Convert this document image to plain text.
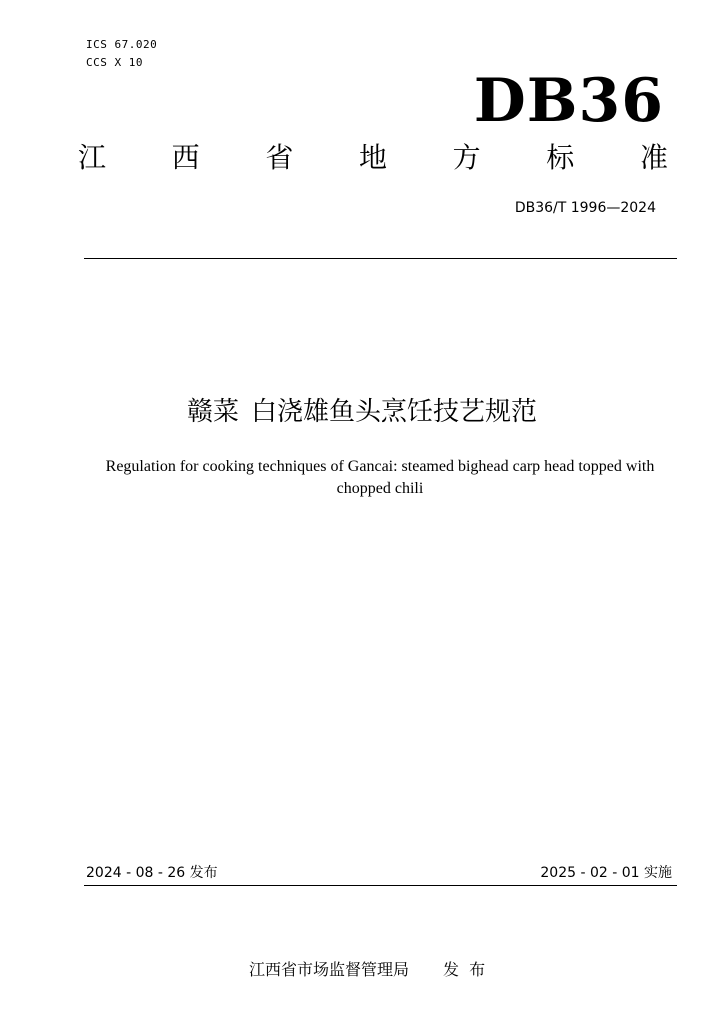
ICS 67.020
CCS X 10
DB36
江 西 省 地 方 标 准
DB36/T 1996—2024
赣菜 白浇雄鱼头烹饪技艺规范
Regulation for cooking techniques of Gancai: steamed bighead carp head topped with chopped chili
2024 - 08 - 26 发布	2025 - 02 - 01 实施

江西省市场监督管理局 发  布
